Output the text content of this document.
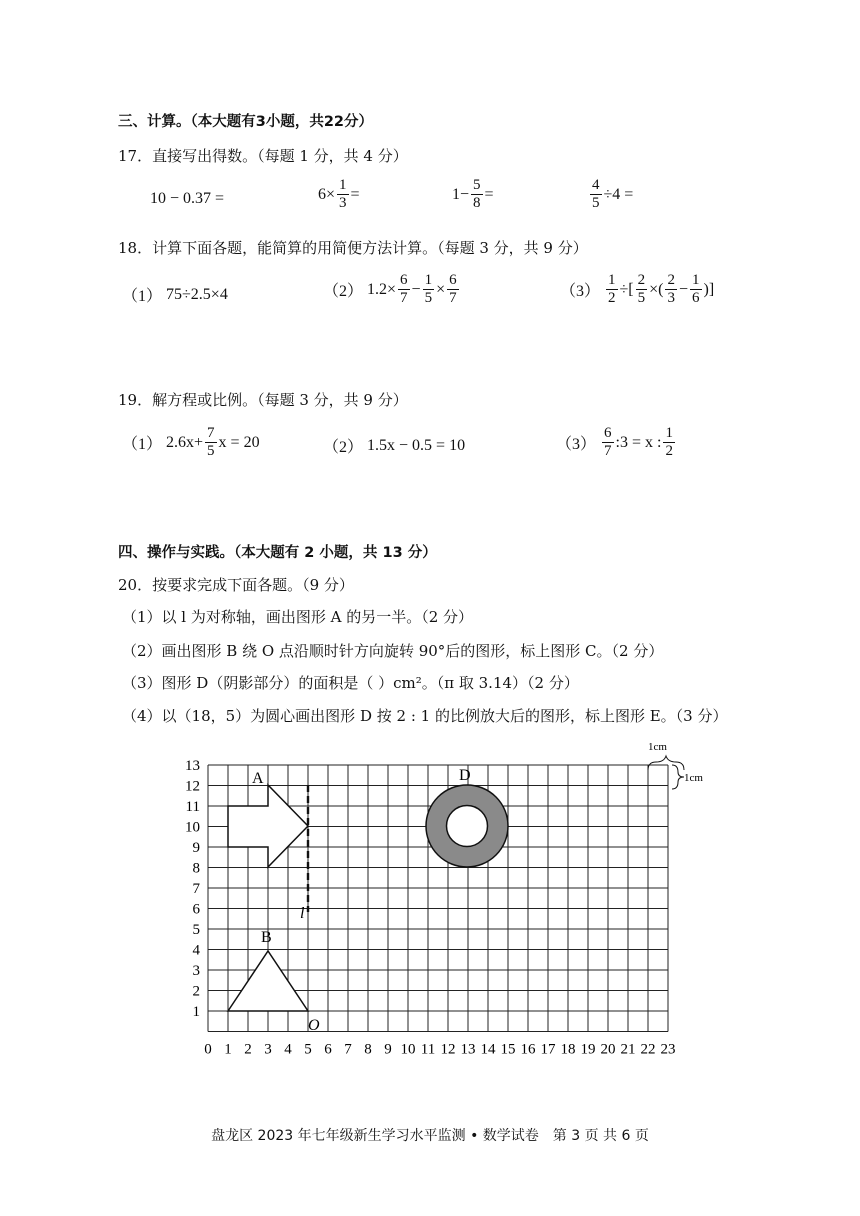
三、计算。（本大题有3小题，共22分）
17．直接写出得数。（每题 1 分，共 4 分）
10 − 0.37 =	$6\times \frac{1}{3}$ =	$1- \frac{5}{8}$ =	$\frac{4}{5} \div 4$ =
18．计算下面各题，能简算的用简便方法计算。（每题 3 分，共 9 分）
（1） 75÷2.5×4	（2） $1.2\times \frac{6}{7} - \frac{1}{5} \times \frac{6}{7}$	$(3) \frac{1}{2}$ ÷[ $\frac{2}{5}$ ×( $\frac{2}{3} - \frac{1}{6}$ )]
19．解方程或比例。（每题 3 分，共 9 分）
（1） $2.6x+ \frac{7}{5}$ x = 20	（2） 1.5x − 0.5 = 10	$(3) \frac{6}{7}$ :3 = x : $\frac{1}{2}$
四、操作与实践。（本大题有 2 小题，共 13 分）
20．按要求完成下面各题。（9 分）
（1）以 l 为对称轴，画出图形 A 的另一半。（2 分）
（2）画出图形 B 绕 O 点沿顺时针方向旋转 90°后的图形，标上图形 C。（2 分）
（3）图形 D（阴影部分）的面积是（ ）cm²。（π 取 3.14）（2 分）
（4）以（18，5）为圆心画出图形 D 按 2 : 1 的比例放大后的图形，标上图形 E。（3 分）
0 1 2 3 4 5 6 7 8 9 10 11 12 13 14 15 16 17 18 19 20 21 22 23
1
2
3
4
5
6
7
8
9
10
11
12
13
A
l
B
O
D
1cm
1cm
盘龙区 2023 年七年级新生学习水平监测 • 数学试卷　第 3 页 共 6 页
